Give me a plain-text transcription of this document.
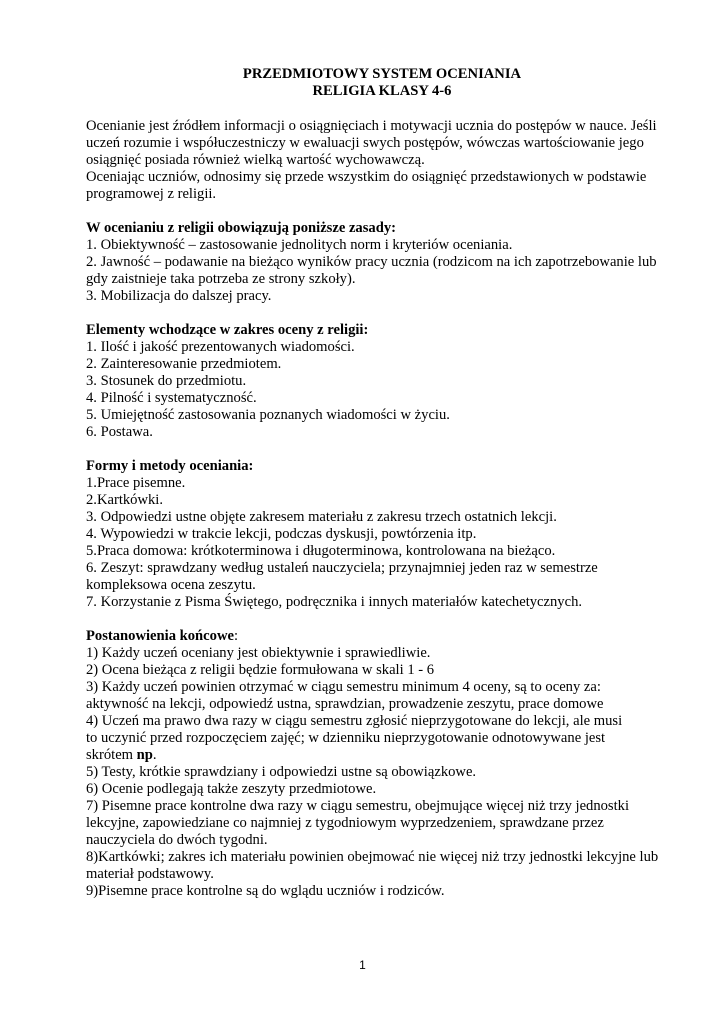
PRZEDMIOTOWY SYSTEM OCENIANIA

RELIGIA KLASY 4-6

Ocenianie jest źródłem informacji o osiągnięciach i motywacji ucznia do postępów w nauce. Jeśli
uczeń rozumie i współuczestniczy w ewaluacji swych postępów, wówczas wartościowanie jego
osiągnięć posiada również wielką wartość wychowawczą.
Oceniając uczniów, odnosimy się przede wszystkim do osiągnięć przedstawionych w podstawie
programowej z religii.
W ocenianiu z religii obowiązują poniższe zasady:
1. Obiektywność – zastosowanie jednolitych norm i kryteriów oceniania.
2. Jawność – podawanie na bieżąco wyników pracy ucznia (rodzicom na ich zapotrzebowanie lub
gdy zaistnieje taka potrzeba ze strony szkoły).
3. Mobilizacja do dalszej pracy.
Elementy wchodzące w zakres oceny z religii:
1. Ilość i jakość prezentowanych wiadomości.
2. Zainteresowanie przedmiotem.
3. Stosunek do przedmiotu.
4. Pilność i systematyczność.
5. Umiejętność zastosowania poznanych wiadomości w życiu.
6. Postawa.
Formy i metody oceniania:
1.Prace pisemne.
2.Kartkówki.
3. Odpowiedzi ustne objęte zakresem materiału z zakresu trzech ostatnich lekcji.
4. Wypowiedzi w trakcie lekcji, podczas dyskusji, powtórzenia itp.
5.Praca domowa: krótkoterminowa i długoterminowa, kontrolowana na bieżąco.
6. Zeszyt: sprawdzany według ustaleń nauczyciela; przynajmniej jeden raz w semestrze
kompleksowa ocena zeszytu.
7. Korzystanie z Pisma Świętego, podręcznika i innych materiałów katechetycznych.
Postanowienia końcowe:
1) Każdy uczeń oceniany jest obiektywnie i sprawiedliwie.
2) Ocena bieżąca z religii będzie formułowana w skali 1 - 6
3) Każdy uczeń powinien otrzymać w ciągu semestru minimum 4 oceny, są to oceny za:
aktywność na lekcji, odpowiedź ustna, sprawdzian, prowadzenie zeszytu, prace domowe
4) Uczeń ma prawo dwa razy w ciągu semestru zgłosić nieprzygotowane do lekcji, ale musi
to uczynić przed rozpoczęciem zajęć; w dzienniku nieprzygotowanie odnotowywane jest
skrótem np.
5) Testy, krótkie sprawdziany i odpowiedzi ustne są obowiązkowe.
6) Ocenie podlegają także zeszyty przedmiotowe.
7) Pisemne prace kontrolne dwa razy w ciągu semestru, obejmujące więcej niż trzy jednostki
lekcyjne, zapowiedziane co najmniej z tygodniowym wyprzedzeniem, sprawdzane przez
nauczyciela do dwóch tygodni.
8)Kartkówki; zakres ich materiału powinien obejmować nie więcej niż trzy jednostki lekcyjne lub
materiał podstawowy.
9)Pisemne prace kontrolne są do wglądu uczniów i rodziców.
1
